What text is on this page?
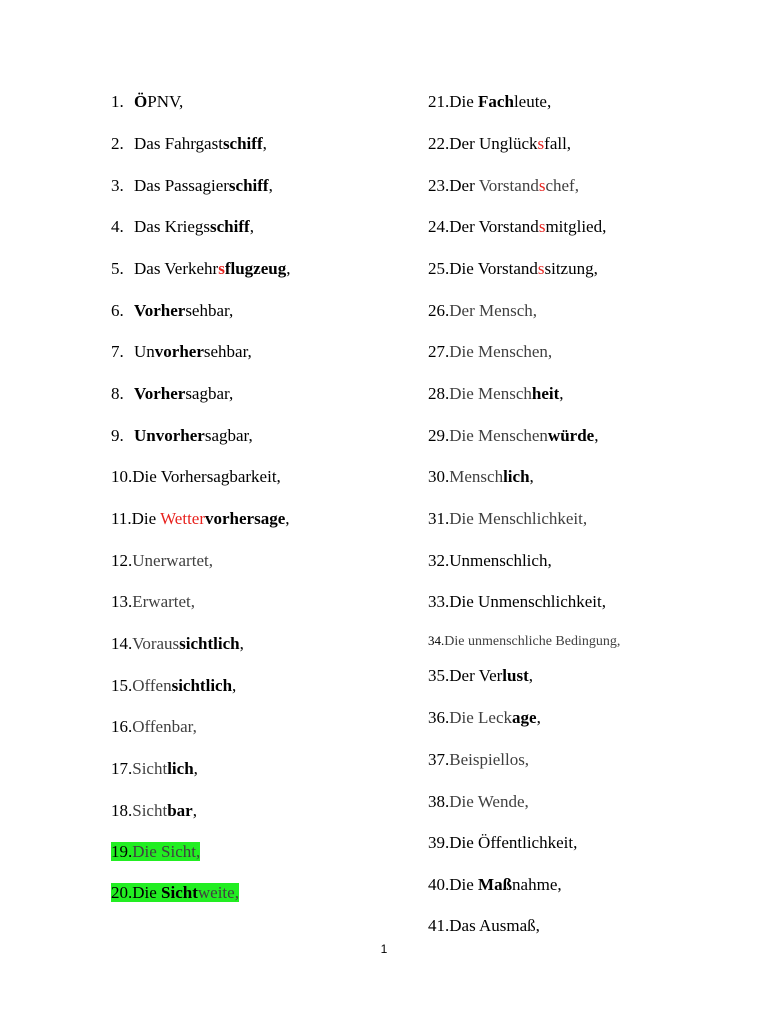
1. ÖPNV,
2. Das Fahrgastschiff,
3. Das Passagierschiff,
4. Das Kriegsschiff,
5. Das Verkehrsflugzeug,
6. Vorhersehbar,
7. Unvorhersehbar,
8. Vorhersagbar,
9. Unvorhersagbar,
10.Die Vorhersagbarkeit,
11.Die Wettervorhersage,
12.Unerwartet,
13.Erwartet,
14.Voraussichtlich,
15.Offensichtlich,
16.Offenbar,
17.Sichtlich,
18.Sichtbar,
19.Die Sicht,
20.Die Sichtweite,
21.Die Fachleute,
22.Der Unglücksfall,
23.Der Vorstandschef,
24.Der Vorstandsmitglied,
25.Die Vorstandssitzung,
26.Der Mensch,
27.Die Menschen,
28.Die Menschheit,
29.Die Menschenwürde,
30.Menschlich,
31.Die Menschlichkeit,
32.Unmenschlich,
33.Die Unmenschlichkeit,
34.Die unmenschliche Bedingung,
35.Der Verlust,
36.Die Leckage,
37.Beispiellos,
38.Die Wende,
39.Die Öffentlichkeit,
40.Die Maßnahme,
41.Das Ausmaß,
1
